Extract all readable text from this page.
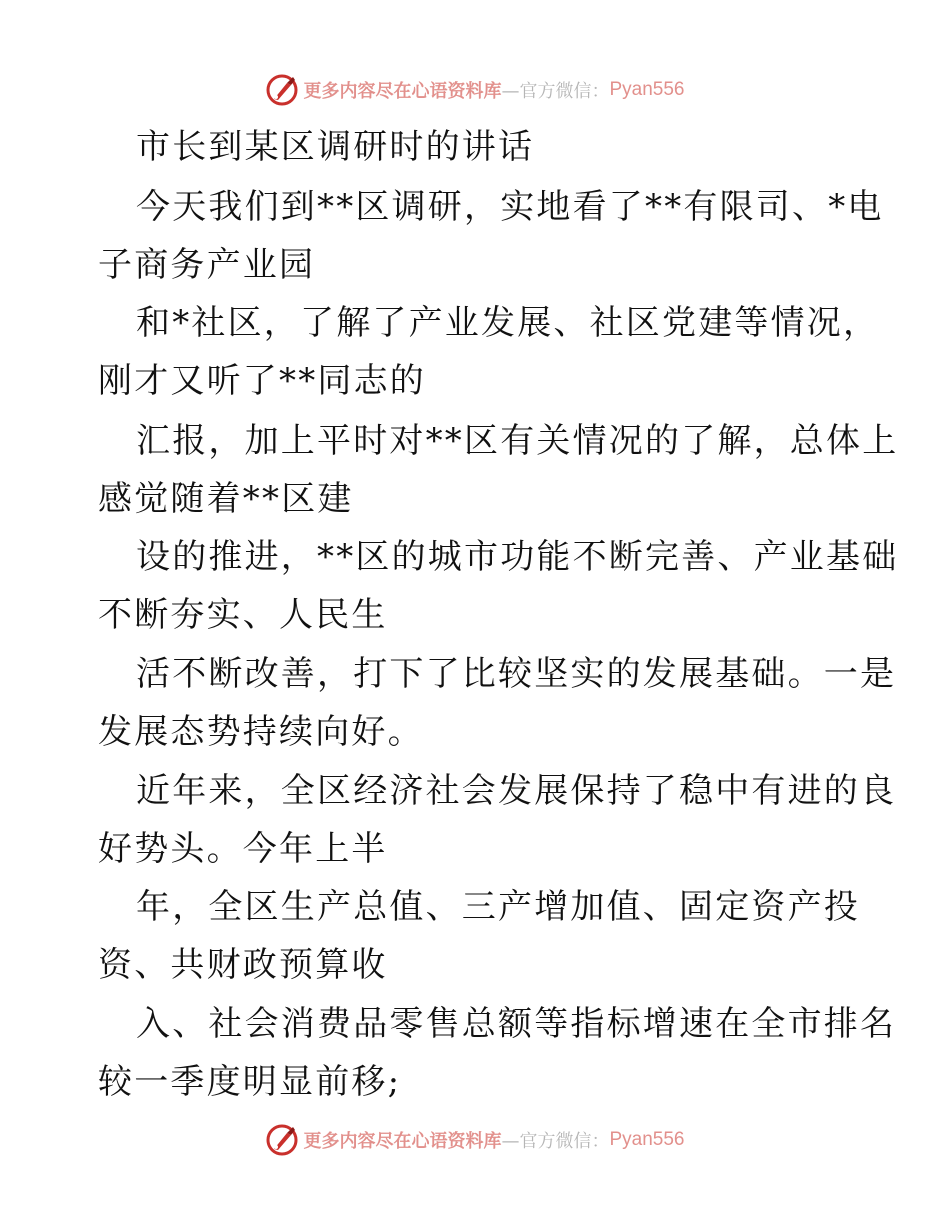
更多内容尽在心语资料库 —官方微信： Pyan556
市长到某区调研时的讲话
今天我们到**区调研，实地看了**有限司、*电
子商务产业园
和*社区，了解了产业发展、社区党建等情况，
刚才又听了**同志的
汇报，加上平时对**区有关情况的了解，总体上
感觉随着**区建
设的推进，**区的城市功能不断完善、产业基础
不断夯实、人民生
活不断改善，打下了比较坚实的发展基础。一是
发展态势持续向好。
近年来，全区经济社会发展保持了稳中有进的良
好势头。今年上半
年，全区生产总值、三产增加值、固定资产投
资、共财政预算收
入、社会消费品零售总额等指标增速在全市排名
较一季度明显前移;
更多内容尽在心语资料库 —官方微信： Pyan556
